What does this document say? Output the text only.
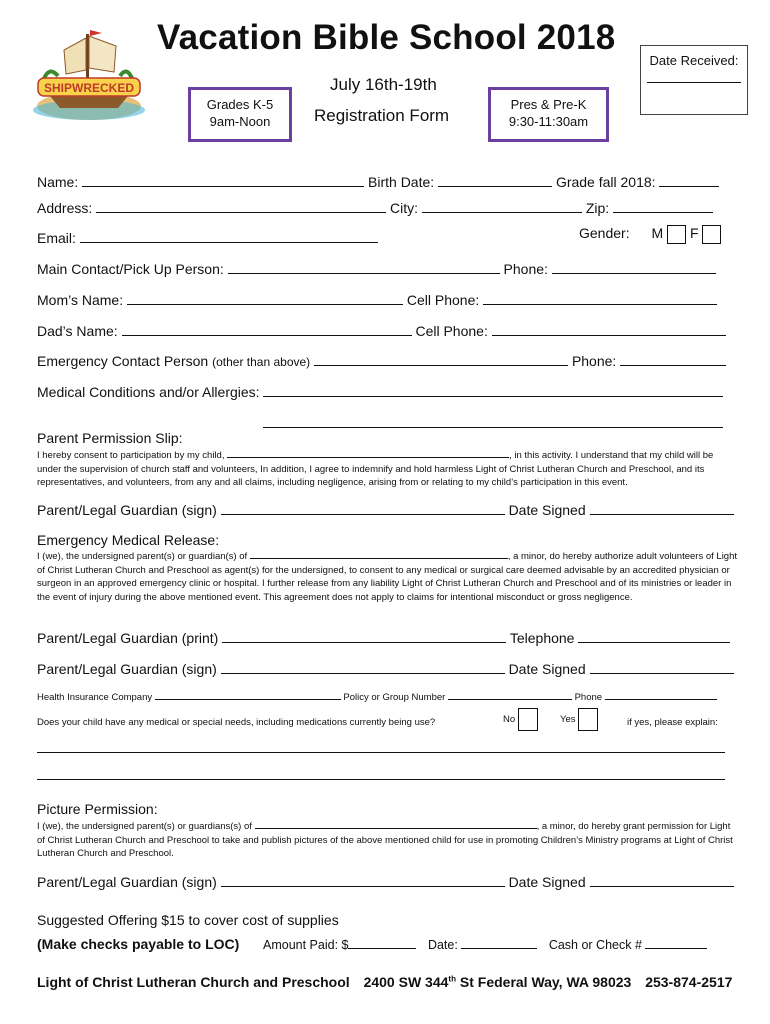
SHIPWRECKED
Vacation Bible School 2018
July 16th-19th
Registration Form
Grades K-5
9am-Noon
Pres & Pre-K
9:30-11:30am
Date Received:
Name:	Birth Date:	Grade fall 2018:
Address:	City:	Zip:
Email:	Gender: M F
Main Contact/Pick Up Person:	Phone:
Mom’s Name:	Cell Phone:
Dad’s Name:	Cell Phone:
Emergency Contact Person (other than above)	Phone:
Medical Conditions and/or Allergies:
Parent Permission Slip:
I hereby consent to participation by my child,	, in this activity. I understand that my child will be under the supervision of church staff and volunteers, In addition, I agree to indemnify and hold harmless Light of Christ Lutheran Church and Preschool, and its representatives, and volunteers, from any and all claims, including negligence, arising from or relating to my child’s participation in this event.
Parent/Legal Guardian (sign)	Date Signed
Emergency Medical Release:
I (we), the undersigned parent(s) or guardian(s) of	, a minor, do hereby authorize adult volunteers of Light of Christ Lutheran Church and Preschool as agent(s) for the undersigned, to consent to any medical or surgical care deemed advisable by an accredited physician or surgeon in an approved emergency clinic or hospital. I further release from any liability Light of Christ Lutheran Church and Preschool and of its ministries or leader in the event of injury during the above mentioned event. This agreement does not apply to claims for intentional misconduct or gross negligence.
Parent/Legal Guardian (print)	Telephone
Parent/Legal Guardian (sign)	Date Signed
Health Insurance Company	Policy or Group Number	Phone
Does your child have any medical or special needs, including medications currently being use?	No	Yes	if yes, please explain:
Picture Permission:
I (we), the undersigned parent(s) or guardians(s) of	, a minor, do hereby grant permission for Light of Christ Lutheran Church and Preschool to take and publish pictures of the above mentioned child for use in promoting Children’s Ministry programs at Light of Christ Lutheran Church and Preschool.
Parent/Legal Guardian (sign)	Date Signed
Suggested Offering $15 to cover cost of supplies
(Make checks payable to LOC) Amount Paid: $	Date:	Cash or Check #
Light of Christ Lutheran Church and Preschool 2400 SW 344th St Federal Way, WA 98023 253-874-2517
